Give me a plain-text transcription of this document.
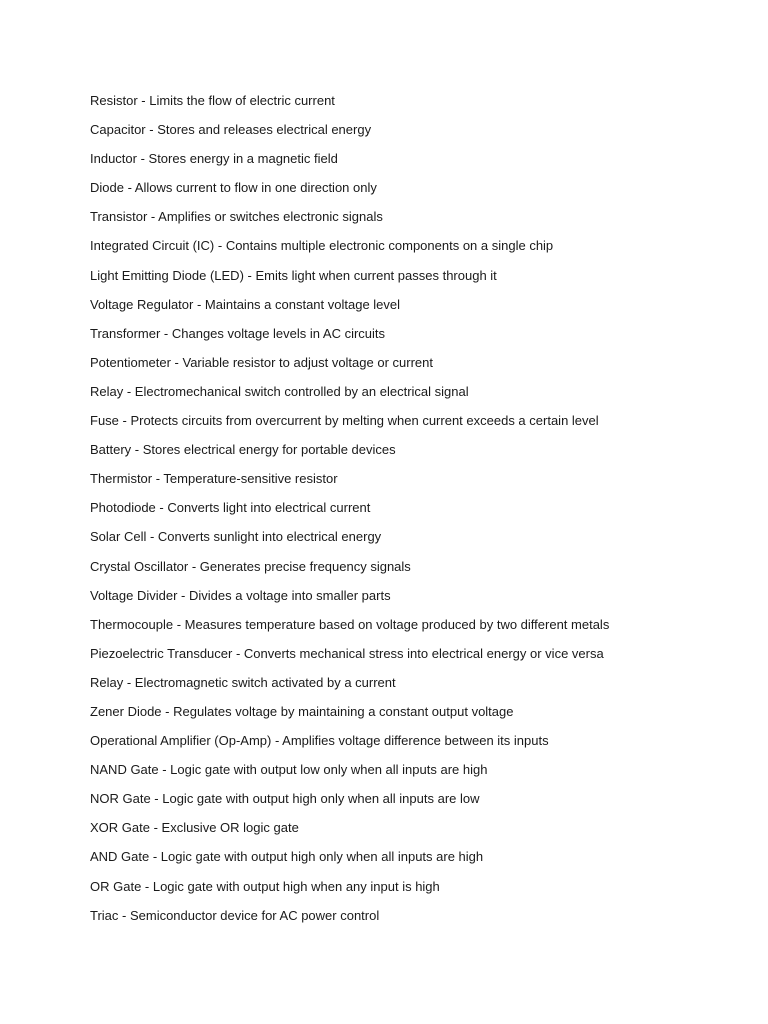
Resistor - Limits the flow of electric current
Capacitor - Stores and releases electrical energy
Inductor - Stores energy in a magnetic field
Diode - Allows current to flow in one direction only
Transistor - Amplifies or switches electronic signals
Integrated Circuit (IC) - Contains multiple electronic components on a single chip
Light Emitting Diode (LED) - Emits light when current passes through it
Voltage Regulator - Maintains a constant voltage level
Transformer - Changes voltage levels in AC circuits
Potentiometer - Variable resistor to adjust voltage or current
Relay - Electromechanical switch controlled by an electrical signal
Fuse - Protects circuits from overcurrent by melting when current exceeds a certain level
Battery - Stores electrical energy for portable devices
Thermistor - Temperature-sensitive resistor
Photodiode - Converts light into electrical current
Solar Cell - Converts sunlight into electrical energy
Crystal Oscillator - Generates precise frequency signals
Voltage Divider - Divides a voltage into smaller parts
Thermocouple - Measures temperature based on voltage produced by two different metals
Piezoelectric Transducer - Converts mechanical stress into electrical energy or vice versa
Relay - Electromagnetic switch activated by a current
Zener Diode - Regulates voltage by maintaining a constant output voltage
Operational Amplifier (Op-Amp) - Amplifies voltage difference between its inputs
NAND Gate - Logic gate with output low only when all inputs are high
NOR Gate - Logic gate with output high only when all inputs are low
XOR Gate - Exclusive OR logic gate
AND Gate - Logic gate with output high only when all inputs are high
OR Gate - Logic gate with output high when any input is high
Triac - Semiconductor device for AC power control
